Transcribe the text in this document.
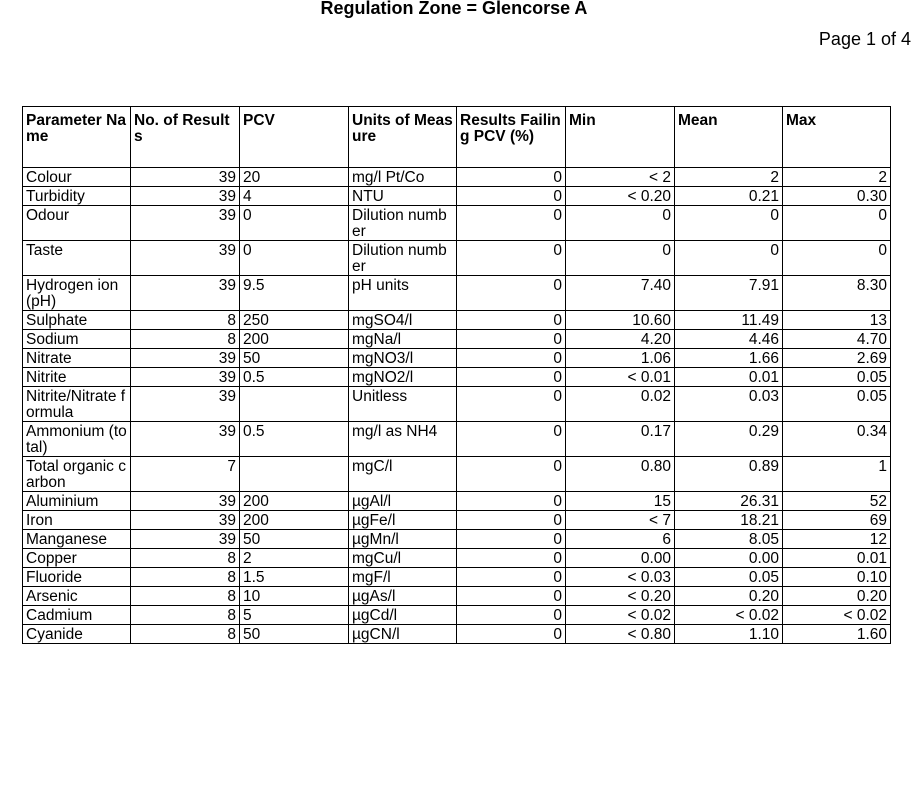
Regulation Zone = Glencorse A
Page 1 of 4
Parameter Name	No. of Results	PCV	Units of Measure	Results Failing PCV (%)	Min	Mean	Max
Colour	39	20	mg/l Pt/Co	0	< 2	2	2
Turbidity	39	4	NTU	0	< 0.20	0.21	0.30
Odour	39	0	Dilution number	0	0	0	0
Taste	39	0	Dilution number	0	0	0	0
Hydrogen ion (pH)	39	9.5	pH units	0	7.40	7.91	8.30
Sulphate	8	250	mgSO4/l	0	10.60	11.49	13
Sodium	8	200	mgNa/l	0	4.20	4.46	4.70
Nitrate	39	50	mgNO3/l	0	1.06	1.66	2.69
Nitrite	39	0.5	mgNO2/l	0	< 0.01	0.01	0.05
Nitrite/Nitrate formula	39		Unitless	0	0.02	0.03	0.05
Ammonium (total)	39	0.5	mg/l as NH4	0	0.17	0.29	0.34
Total organic carbon	7		mgC/l	0	0.80	0.89	1
Aluminium	39	200	µgAl/l	0	15	26.31	52
Iron	39	200	µgFe/l	0	< 7	18.21	69
Manganese	39	50	µgMn/l	0	6	8.05	12
Copper	8	2	mgCu/l	0	0.00	0.00	0.01
Fluoride	8	1.5	mgF/l	0	< 0.03	0.05	0.10
Arsenic	8	10	µgAs/l	0	< 0.20	0.20	0.20
Cadmium	8	5	µgCd/l	0	< 0.02	< 0.02	< 0.02
Cyanide	8	50	µgCN/l	0	< 0.80	1.10	1.60
